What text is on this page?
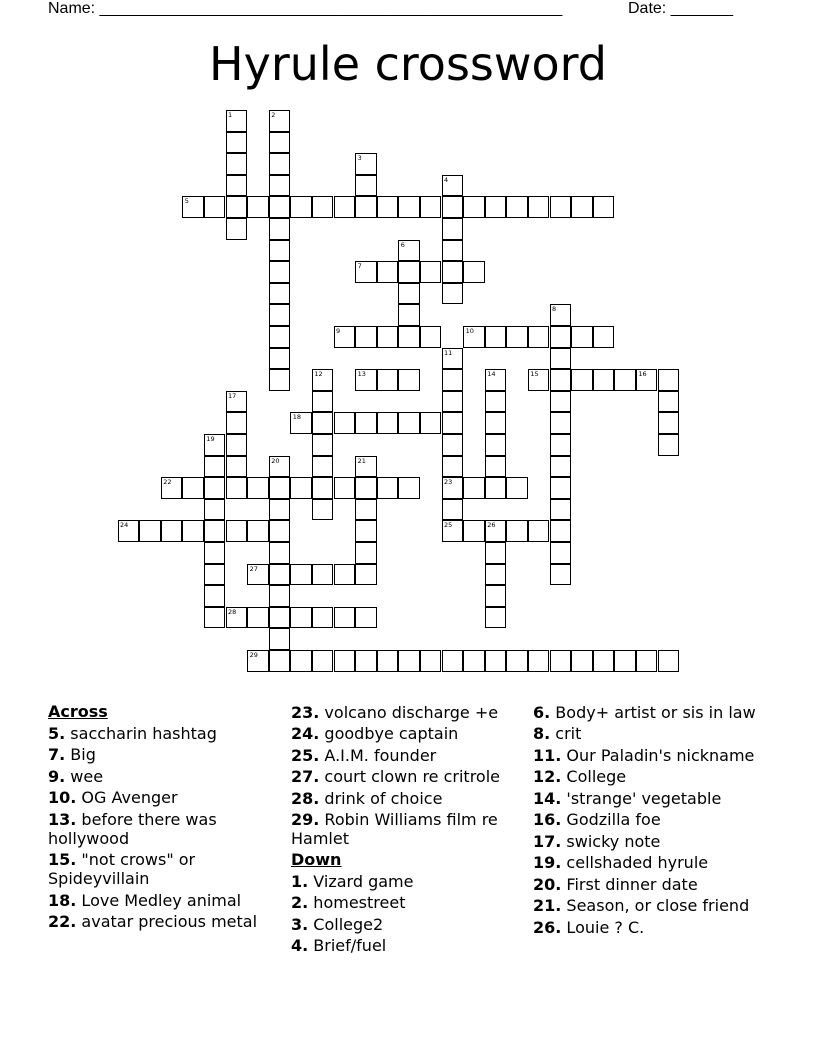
Name: ____________________________________________________	Date: _______
Hyrule crossword
1	2
3
4
5
6
7
8
9	10
11
12	13	14	15	16
17
18
19
20	21
22	23
24	25	26
27
28
29
Across
5. saccharin hashtag
7. Big
9. wee
10. OG Avenger
13. before there was hollywood
15. "not crows" or Spideyvillain
18. Love Medley animal
22. avatar precious metal
23. volcano discharge +e
24. goodbye captain
25. A.I.M. founder
27. court clown re critrole
28. drink of choice
29. Robin Williams film re Hamlet
Down
1. Vizard game
2. homestreet
3. College2
4. Brief/fuel
6. Body+ artist or sis in law
8. crit
11. Our Paladin's nickname
12. College
14. 'strange' vegetable
16. Godzilla foe
17. swicky note
19. cellshaded hyrule
20. First dinner date
21. Season, or close friend
26. Louie ? C.
